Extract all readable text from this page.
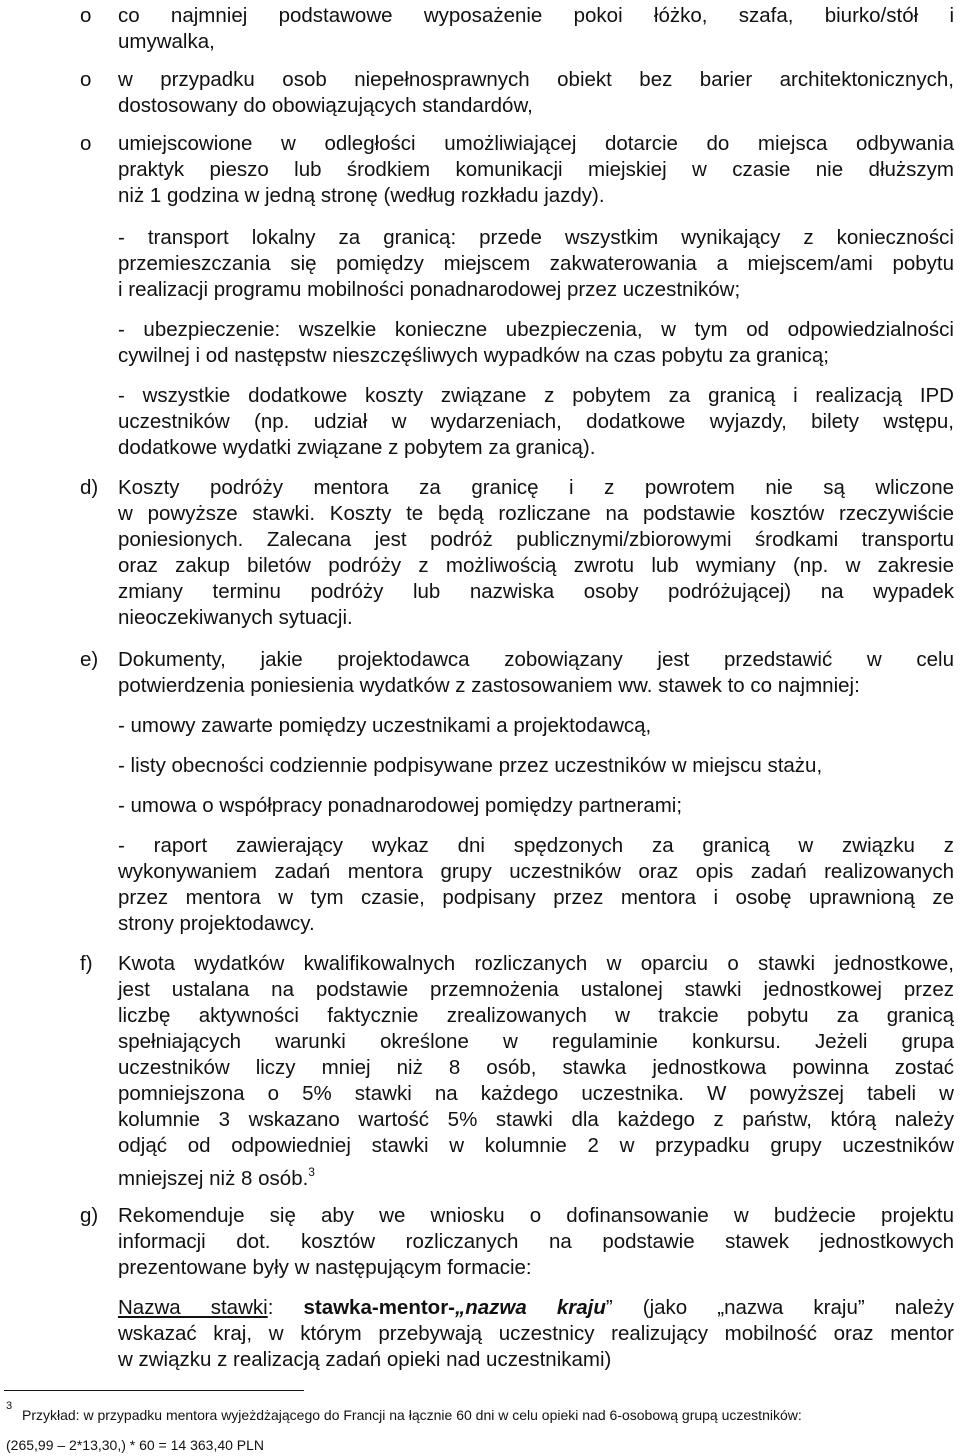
o co najmniej podstawowe wyposażenie pokoi łóżko, szafa, biurko/stół i
umywalka,
o w przypadku osob niepełnosprawnych obiekt bez barier architektonicznych,
dostosowany do obowiązujących standardów,
o umiejscowione w odległości umożliwiającej dotarcie do miejsca odbywania
praktyk pieszo lub środkiem komunikacji miejskiej w czasie nie dłuższym
niż 1 godzina w jedną stronę (według rozkładu jazdy).
- transport lokalny za granicą: przede wszystkim wynikający z konieczności
przemieszczania się pomiędzy miejscem zakwaterowania a miejscem/ami pobytu
i realizacji programu mobilności ponadnarodowej przez uczestników;
- ubezpieczenie: wszelkie konieczne ubezpieczenia, w tym od odpowiedzialności
cywilnej i od następstw nieszczęśliwych wypadków na czas pobytu za granicą;
- wszystkie dodatkowe koszty związane z pobytem za granicą i realizacją IPD
uczestników (np. udział w wydarzeniach, dodatkowe wyjazdy, bilety wstępu,
dodatkowe wydatki związane z pobytem za granicą).
d) Koszty podróży mentora za granicę i z powrotem nie są wliczone
w powyższe stawki. Koszty te będą rozliczane na podstawie kosztów rzeczywiście
poniesionych. Zalecana jest podróż publicznymi/zbiorowymi środkami transportu
oraz zakup biletów podróży z możliwością zwrotu lub wymiany (np. w zakresie
zmiany terminu podróży lub nazwiska osoby podróżującej) na wypadek
nieoczekiwanych sytuacji.
e) Dokumenty, jakie projektodawca zobowiązany jest przedstawić w celu
potwierdzenia poniesienia wydatków z zastosowaniem ww. stawek to co najmniej:
- umowy zawarte pomiędzy uczestnikami a projektodawcą,
- listy obecności codziennie podpisywane przez uczestników w miejscu stażu,
- umowa o współpracy ponadnarodowej pomiędzy partnerami;
- raport zawierający wykaz dni spędzonych za granicą w związku z
wykonywaniem zadań mentora grupy uczestników oraz opis zadań realizowanych
przez mentora w tym czasie, podpisany przez mentora i osobę uprawnioną ze
strony projektodawcy.
f) Kwota wydatków kwalifikowalnych rozliczanych w oparciu o stawki jednostkowe,
jest ustalana na podstawie przemnożenia ustalonej stawki jednostkowej przez
liczbę aktywności faktycznie zrealizowanych w trakcie pobytu za granicą
spełniających warunki określone w regulaminie konkursu. Jeżeli grupa
uczestników liczy mniej niż 8 osób, stawka jednostkowa powinna zostać
pomniejszona o 5% stawki na każdego uczestnika. W powyższej tabeli w
kolumnie 3 wskazano wartość 5% stawki dla każdego z państw, którą należy
odjąć od odpowiedniej stawki w kolumnie 2 w przypadku grupy uczestników
mniejszej niż 8 osób.$^3$
g) Rekomenduje się aby we wniosku o dofinansowanie w budżecie projektu
informacji dot. kosztów rozliczanych na podstawie stawek jednostkowych
prezentowane były w następującym formacie:
Nazwa stawki: stawka-mentor-„nazwa kraju” (jako „nazwa kraju” należy
wskazać kraj, w którym przebywają uczestnicy realizujący mobilność oraz mentor
w związku z realizacją zadań opieki nad uczestnikami)
3
Przykład: w przypadku mentora wyjeżdżającego do Francji na łącznie 60 dni w celu opieki nad 6-osobową grupą uczestników:
(265,99 – 2*13,30,) * 60 = 14 363,40 PLN
